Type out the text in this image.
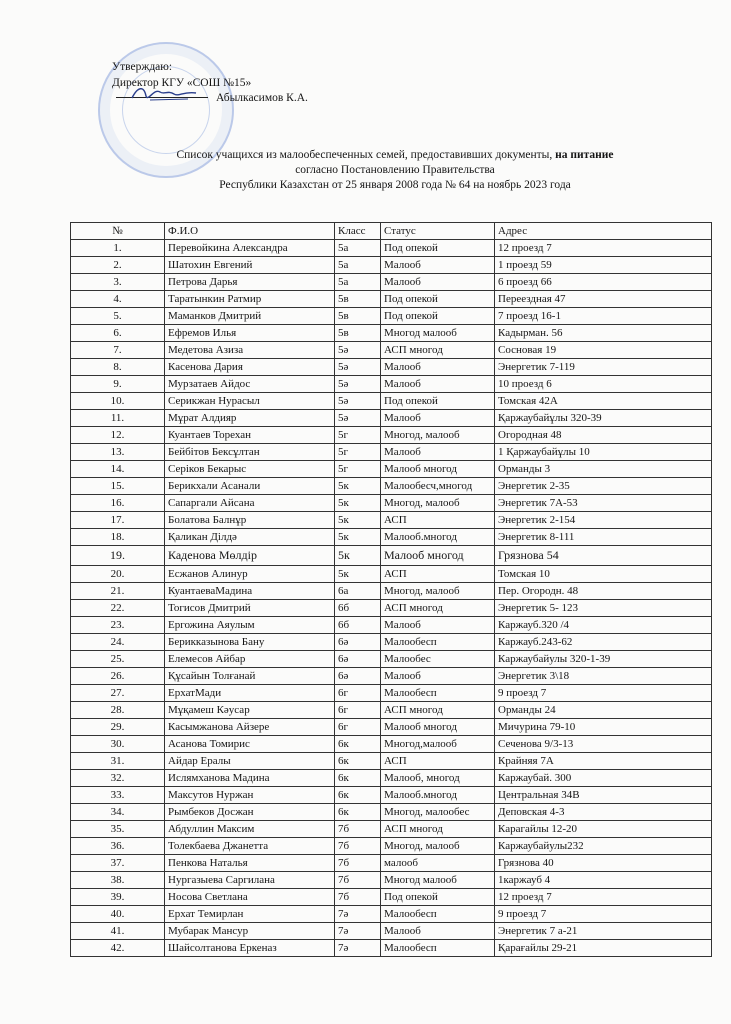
Утверждаю:
Директор КГУ «СОШ №15»
Абылкасимов К.А.
Список учащихся из малообеспеченных семей, предоставивших документы, на питание
согласно Постановлению Правительства
Республики Казахстан от 25 января 2008 года № 64 на ноябрь 2023 года
№	Ф.И.О	Класс	Статус	Адрес
1.	Перевойкина Александра	5а	Под опекой	12 проезд 7
2.	Шатохин Евгений	5а	Малооб	1 проезд 59
3.	Петрова Дарья	5а	Малооб	6 проезд 66
4.	Таратынкин Ратмир	5в	Под опекой	Переездная 47
5.	Маманков Дмитрий	5в	Под опекой	7 проезд 16-1
6.	Ефремов Илья	5в	Многод малооб	Кадырман. 56
7.	Медетова Азиза	5ә	АСП многод	Сосновая 19
8.	Касенова Дария	5ә	Малооб	Энергетик 7-119
9.	Мурзатаев Айдос	5ә	Малооб	10 проезд 6
10.	Серикжан Нурасыл	5ә	Под опекой	Томская 42А
11.	Мұрат Алдияр	5ә	Малооб	Қаржаубайұлы 320-39
12.	Куантаев Торехан	5г	Многод, малооб	Огородная 48
13.	Бейбітов Бексұлтан	5г	Малооб	1 Қаржаубайұлы 10
14.	Серіков Бекарыс	5г	Малооб многод	Орманды 3
15.	Берикхали Асанали	5к	Малообесч,многод	Энергетик 2-35
16.	Сапаргали Айсана	5к	Многод, малооб	Энергетик 7А-53
17.	Болатова Балнұр	5к	АСП	Энергетик 2-154
18.	Қаликан Ділдә	5к	Малооб.многод	Энергетик 8-111
19.	Каденова Мөлдір	5к	Малооб многод	Грязнова 54
20.	Есжанов Алинур	5к	АСП	Томская 10
21.	КуантаеваМадина	6а	Многод, малооб	Пер. Огородн. 48
22.	Тогисов Дмитрий	6б	АСП многод	Энергетик 5- 123
23.	Ергожина Аяулым	6б	Малооб	Каржауб.320 /4
24.	Берикказынова Бану	6ә	Малообесп	Каржауб.243-62
25.	Елемесов Айбар	6ә	Малообес	Каржаубайулы 320-1-39
26.	Құсайын Толғанай	6ә	Малооб	Энергетик 3\18
27.	ЕрхатМади	6г	Малообесп	9 проезд 7
28.	Мұқамеш Кәусар	6г	АСП многод	Орманды 24
29.	Касымжанова Айзере	6г	Малооб многод	Мичурина 79-10
30.	Асанова Томирис	6к	Многод,малооб	Сеченова 9/3-13
31.	Айдар Ералы	6к	АСП	Крайняя 7А
32.	Ислямханова Мадина	6к	Малооб, многод	Каржаубай. 300
33.	Максутов Нуржан	6к	Малооб.многод	Центральная 34В
34.	Рымбеков Досжан	6к	Многод, малообес	Деповская 4-3
35.	Абдуллин Максим	7б	АСП многод	Карагайлы 12-20
36.	Толекбаева Джанетта	7б	Многод, малооб	Каржаубайулы232
37.	Пенкова Наталья	7б	малооб	Грязнова 40
38.	Нургазыева Саргилана	7б	Многод малооб	1каржауб 4
39.	Носова Светлана	7б	Под опекой	12 проезд 7
40.	Ерхат Темирлан	7ә	Малообесп	9 проезд 7
41.	Мубарак Мансур	7ә	Малооб	Энергетик 7 а-21
42.	Шайсолтанова Еркеназ	7ә	Малообесп	Қарағайлы 29-21
